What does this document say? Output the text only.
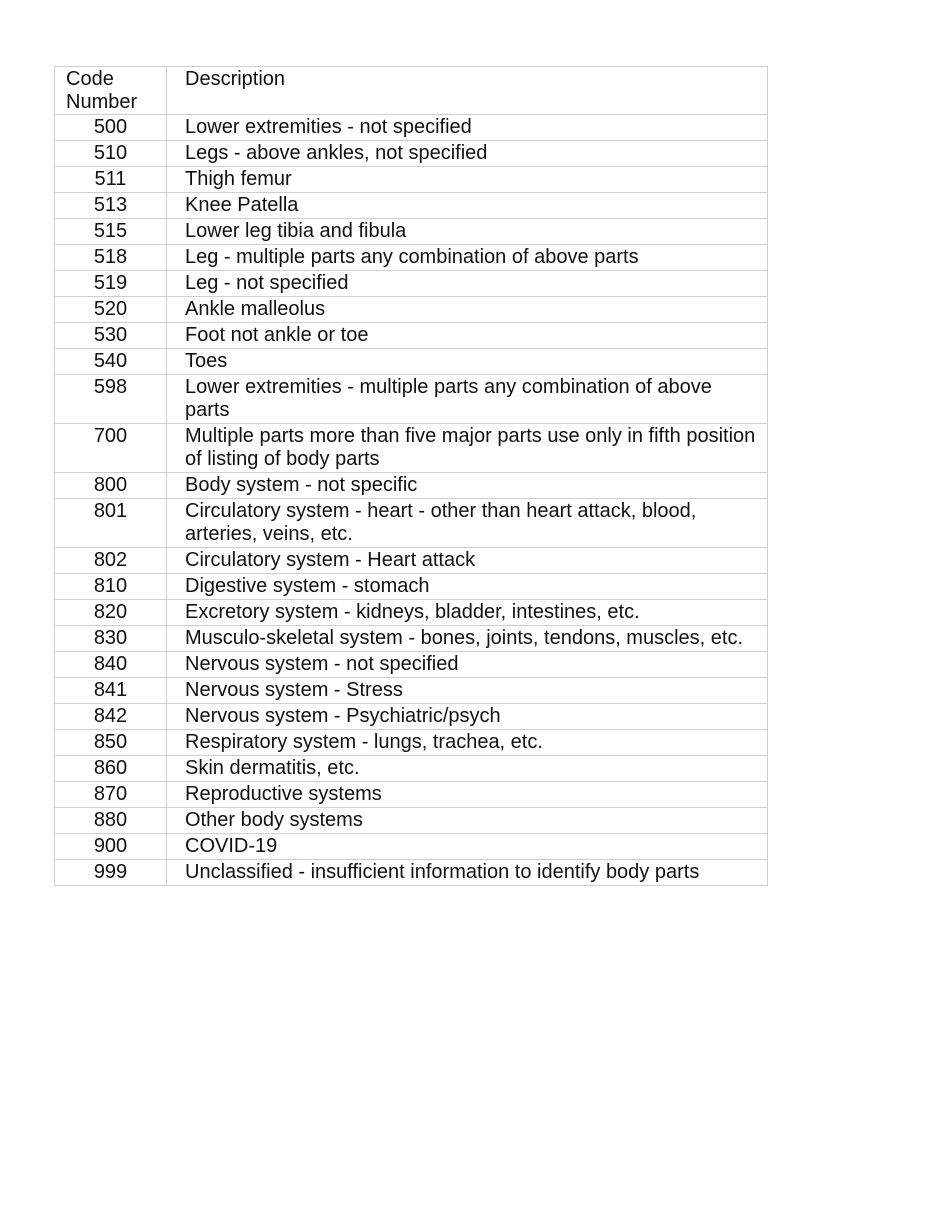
Code
Number	Description
500	Lower extremities - not specified
510	Legs - above ankles, not specified
511	Thigh femur
513	Knee Patella
515	Lower leg tibia and fibula
518	Leg - multiple parts any combination of above parts
519	Leg - not specified
520	Ankle malleolus
530	Foot not ankle or toe
540	Toes
598	Lower extremities - multiple parts any combination of above parts
700	Multiple parts more than five major parts use only in fifth position of listing of body parts
800	Body system - not specific
801	Circulatory system - heart - other than heart attack, blood, arteries, veins, etc.
802	Circulatory system - Heart attack
810	Digestive system - stomach
820	Excretory system - kidneys, bladder, intestines, etc.
830	Musculo-skeletal system - bones, joints, tendons, muscles, etc.
840	Nervous system - not specified
841	Nervous system - Stress
842	Nervous system - Psychiatric/psych
850	Respiratory system - lungs, trachea, etc.
860	Skin dermatitis, etc.
870	Reproductive systems
880	Other body systems
900	COVID-19
999	Unclassified - insufficient information to identify body parts
